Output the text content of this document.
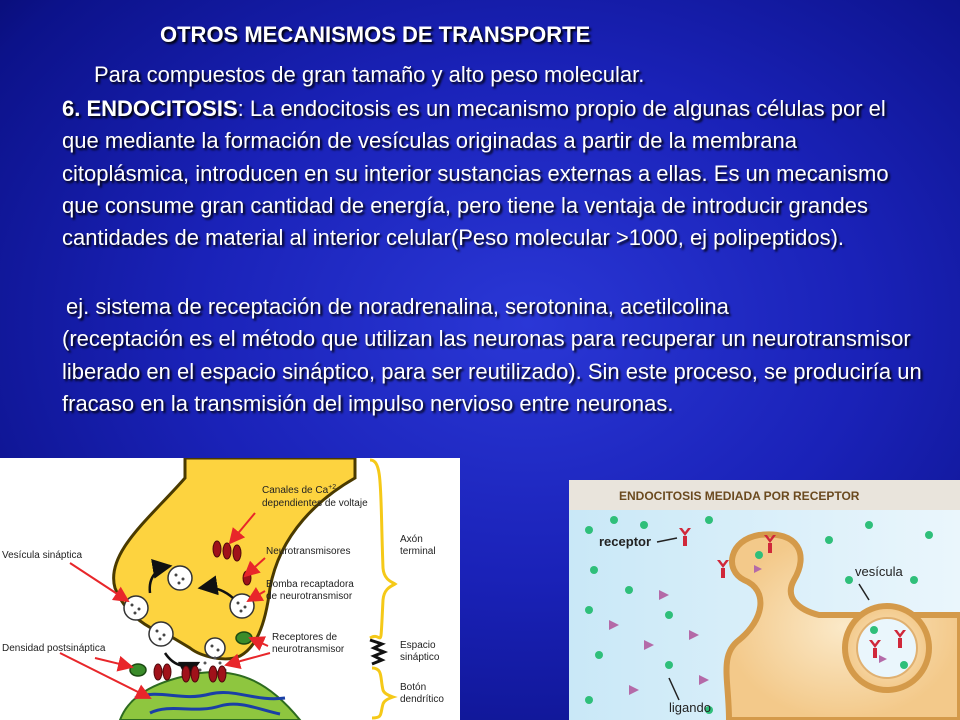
OTROS MECANISMOS DE TRANSPORTE
Para compuestos de gran tamaño y alto peso molecular.
6. ENDOCITOSIS: La endocitosis es un mecanismo propio de algunas células por el que mediante la formación de vesículas originadas a partir de la membrana citoplásmica, introducen en su interior sustancias externas a ellas. Es un mecanismo que consume gran cantidad de energía, pero tiene la ventaja de introducir grandes cantidades de material al interior celular(Peso molecular >1000, ej polipeptidos).
ej. sistema de receptación de noradrenalina, serotonina, acetilcolina
(receptación es el método que utilizan las neuronas para recuperar un neurotransmisor liberado en el espacio sináptico, para ser reutilizado). Sin este proceso, se produciría un fracaso en la transmisión del impulso nervioso entre neuronas.
Canales de $Ca^{+2}$
dependientes de voltaje
Vesícula sináptica	Neurotransmisores
Bomba recaptadora
de neurotransmisor
Axón
terminal
Receptores de
neurotransmisor
Densidad postsináptica	Espacio
sináptico
Botón
dendrítico
ENDOCITOSIS MEDIADA POR RECEPTOR
receptor
vesícula
ligando
